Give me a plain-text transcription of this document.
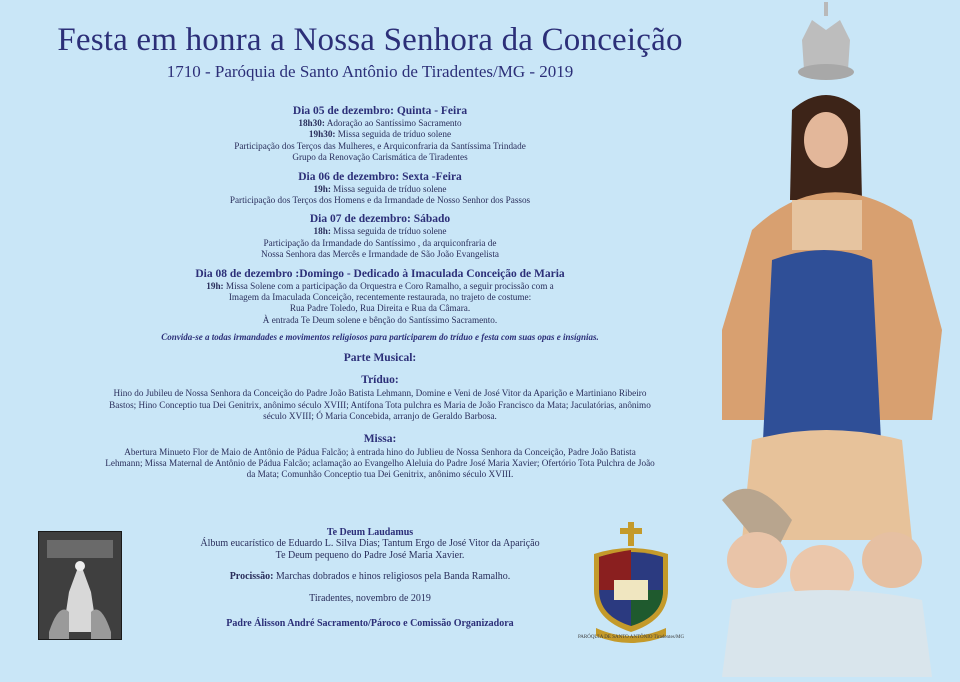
Festa em honra a Nossa Senhora da Conceição
1710 - Paróquia de Santo Antônio de Tiradentes/MG - 2019
Dia 05 de dezembro: Quinta - Feira
18h30: Adoração ao Santíssimo Sacramento
19h30: Missa seguida de tríduo solene
Participação dos Terços das Mulheres, e Arquiconfraria da Santíssima Trindade
Grupo da Renovação Carismática de Tiradentes
Dia 06 de dezembro: Sexta -Feira
19h: Missa seguida de tríduo solene
Participação dos Terços dos Homens e da Irmandade de Nosso Senhor dos Passos
Dia 07 de dezembro: Sábado
18h: Missa seguida de tríduo solene
Participação da Irmandade do Santíssimo , da arquiconfraria de
Nossa Senhora das Mercês e Irmandade de São João Evangelista
Dia 08 de dezembro :Domingo - Dedicado à Imaculada Conceição de Maria
19h: Missa Solene com a participação da Orquestra e Coro Ramalho, a seguir procissão com a
Imagem da Imaculada Conceição, recentemente restaurada, no trajeto de costume:
Rua Padre Toledo, Rua Direita e Rua da Câmara.
À entrada Te Deum solene e bênção do Santíssimo Sacramento.
Convida-se a todas irmandades e movimentos religiosos para participarem do tríduo e festa com suas opas e insígnias.
Parte Musical:
Tríduo:
Hino do Jubileu de Nossa Senhora da Conceição do Padre João Batista Lehmann, Domine e Veni de José Vitor da Aparição e Martiniano Ribeiro Bastos; Hino Conceptio tua Dei Genitrix, anônimo século XVIII; Antífona Tota pulchra es Maria de João Francisco da Mata; Jaculatórias, anônimo século XVIII; Ó Maria Concebida, arranjo de Geraldo Barbosa.
Missa:
Abertura Minueto Flor de Maio de Antônio de Pádua Falcão; à entrada hino do Jublieu de Nossa Senhora da Conceição, Padre João Batista Lehmann; Missa Maternal de Antônio de Pádua Falcão; aclamação ao Evangelho Aleluia do Padre José Maria Xavier; Ofertório Tota Pulchra de João da Mata; Comunhão Conceptio tua Dei Genitrix, anônimo século XVIII.
Te Deum Laudamus
Álbum eucarístico de Eduardo L. Silva Dias; Tantum Ergo de José Vitor da Aparição
Te Deum pequeno do Padre José Maria Xavier.
Procissão: Marchas dobrados e hinos religiosos pela Banda Ramalho.
Tiradentes, novembro de 2019
Padre Álisson André Sacramento/Pároco e Comissão Organizadora
PARÓQUIA DE SANTO ANTÔNIO Tiradentes/MG
